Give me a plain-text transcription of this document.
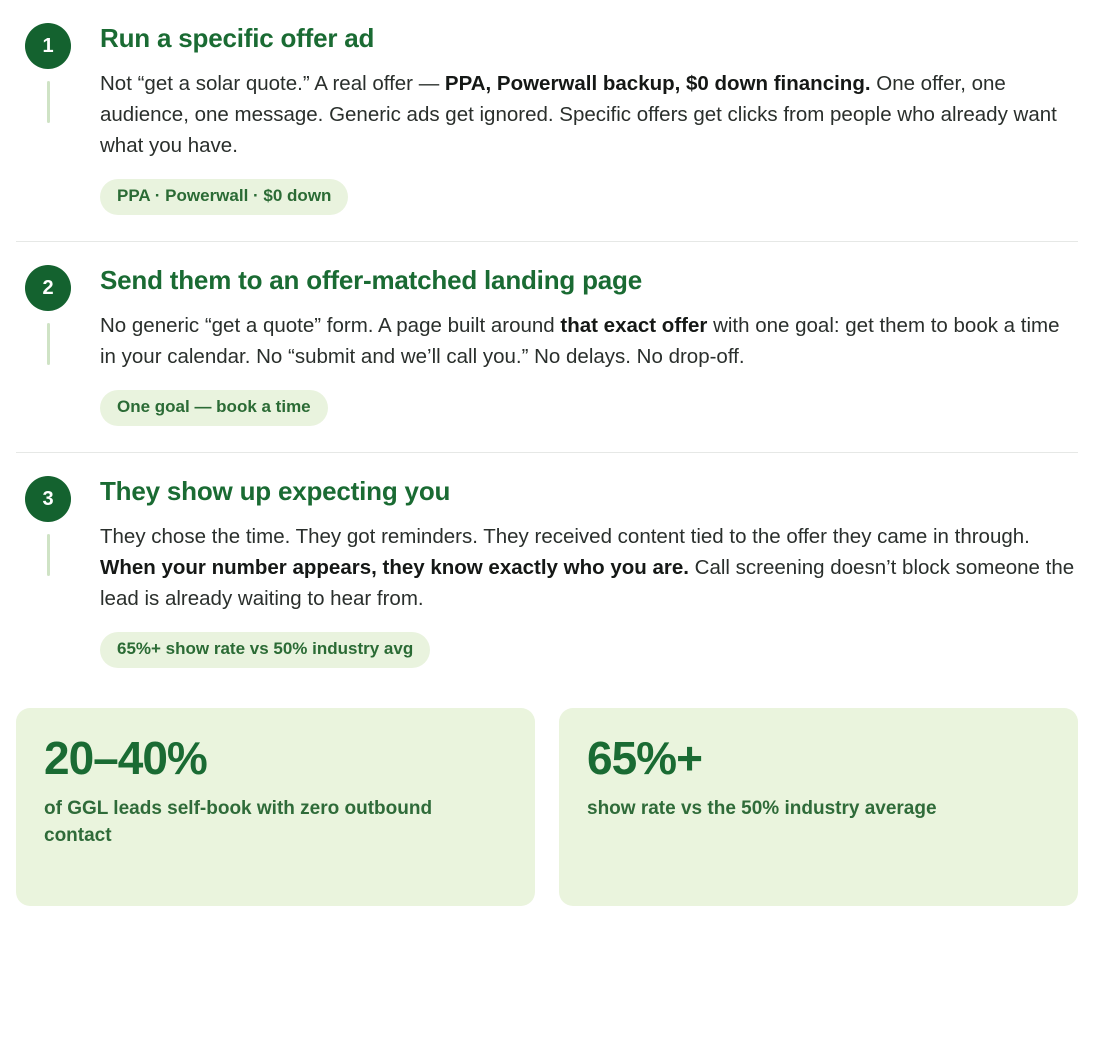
1	Run a specific offer ad

Not “get a solar quote.” A real offer — PPA, Powerwall backup, $0 down financing. One offer, one audience, one message. Generic ads get ignored. Specific offers get clicks from people who already want what you have.

PPA · Powerwall · $0 down
2	Send them to an offer-matched landing page

No generic “get a quote” form. A page built around that exact offer with one goal: get them to book a time in your calendar. No “submit and we’ll call you.” No delays. No drop-off.

One goal — book a time
3	They show up expecting you

They chose the time. They got reminders. They received content tied to the offer they came in through. When your number appears, they know exactly who you are. Call screening doesn’t block someone the lead is already waiting to hear from.

65%+ show rate vs 50% industry avg
20–40%
of GGL leads self-book with zero outbound contact
65%+
show rate vs the 50% industry average
